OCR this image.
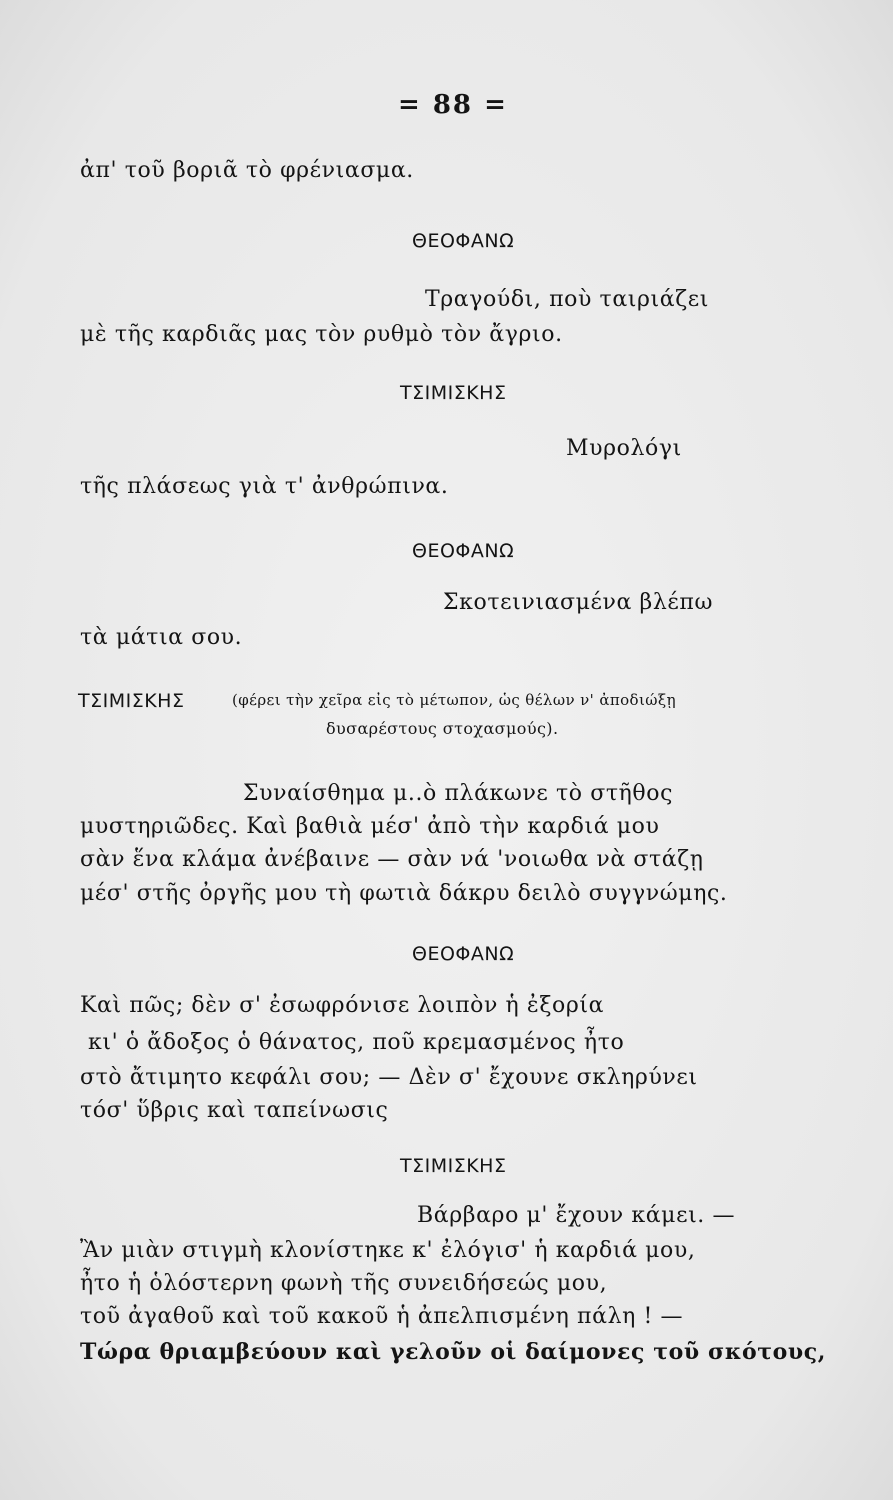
= 88 =
ἀπ' τοῦ βοριᾶ τὸ φρένιασμα.
ΘΕΟΦΑΝΩ
Τραγούδι, ποὺ ταιριάζει
μὲ τῆς καρδιᾶς μας τὸν ρυθμὸ τὸν ἄγριο.
ΤΣΙΜΙΣΚΗΣ
Μυρολόγι
τῆς πλάσεως γιὰ τ' ἀνθρώπινα.
ΘΕΟΦΑΝΩ
Σκοτεινιασμένα βλέπω
τὰ μάτια σου.
ΤΣΙΜΙΣΚΗΣ	(φέρει τὴν χεῖρα εἰς τὸ μέτωπον, ὡς θέλων ν' ἀποδιώξῃ
δυσαρέστους στοχασμούς).
Συναίσθημα μ..ὸ πλάκωνε τὸ στῆθος
μυστηριῶδες. Καὶ βαθιὰ μέσ' ἀπὸ τὴν καρδιά μου
σὰν ἕνα κλάμα ἀνέβαινε — σὰν νά 'νοιωθα νὰ στάζῃ
μέσ' στῆς ὀργῆς μου τὴ φωτιὰ δάκρυ δειλὸ συγγνώμης.
ΘΕΟΦΑΝΩ
Καὶ πῶς; δὲν σ' ἐσωφρόνισε λοιπὸν ἡ ἐξορία
κι' ὁ ἄδοξος ὁ θάνατος, ποῦ κρεμασμένος ἦτο
στὸ ἄτιμητο κεφάλι σου; — Δὲν σ' ἔχουνε σκληρύνει
τόσ' ὕβρις καὶ ταπείνωσις
ΤΣΙΜΙΣΚΗΣ
Βάρβαρο μ' ἔχουν κάμει. —
Ἂν μιὰν στιγμὴ κλονίστηκε κ' ἐλόγισ' ἡ καρδιά μου,
ἦτο ἡ ὁλόστερνη φωνὴ τῆς συνειδήσεώς μου,
τοῦ ἀγαθοῦ καὶ τοῦ κακοῦ ἡ ἀπελπισμένη πάλη ! —
Τώρα θριαμβεύουν καὶ γελοῦν οἱ δαίμονες τοῦ σκότους,
